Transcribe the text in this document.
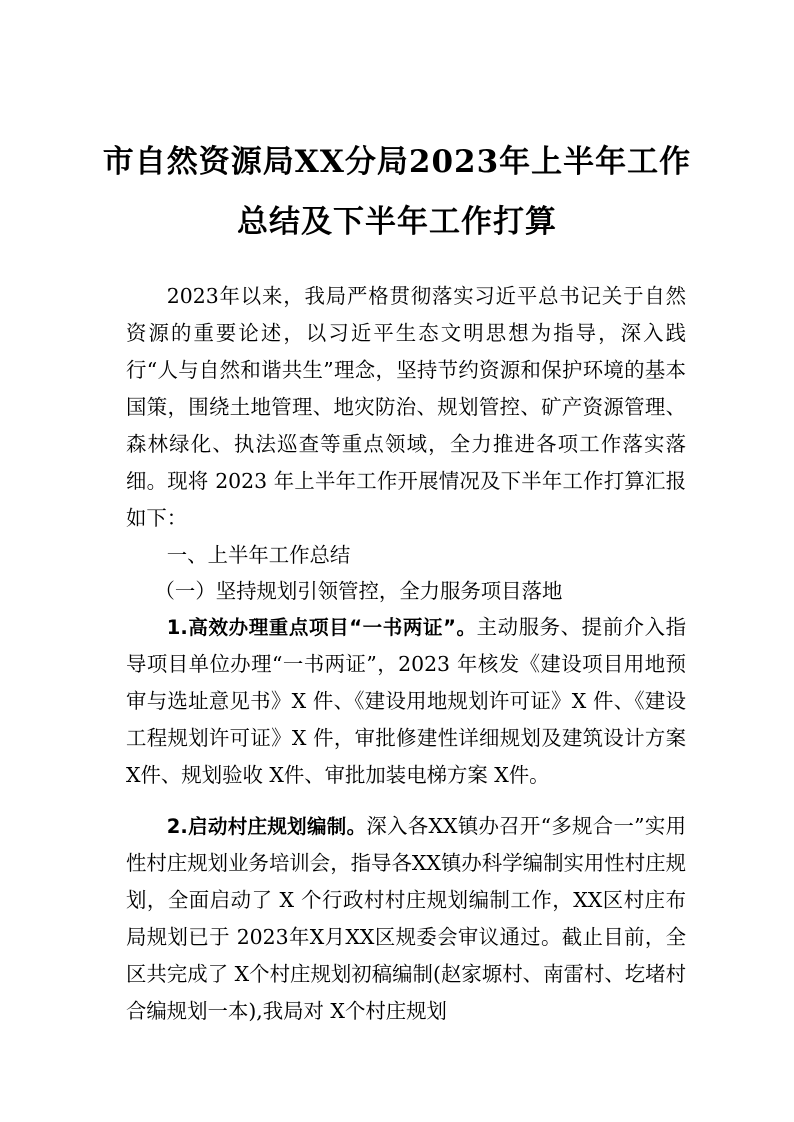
市自然资源局XX分局2023年上半年工作
总结及下半年工作打算

2023年以来，我局严格贯彻落实习近平总书记关于自然资源的重要论述，以习近平生态文明思想为指导，深入践行“人与自然和谐共生”理念，坚持节约资源和保护环境的基本国策，围绕土地管理、地灾防治、规划管控、矿产资源管理、森林绿化、执法巡查等重点领域，全力推进各项工作落实落细。现将 2023 年上半年工作开展情况及下半年工作打算汇报如下：

一、上半年工作总结

（一）坚持规划引领管控，全力服务项目落地

1.高效办理重点项目“一书两证”。主动服务、提前介入指导项目单位办理“一书两证”，2023 年核发《建设项目用地预审与选址意见书》X 件、《建设用地规划许可证》X 件、《建设工程规划许可证》X 件，审批修建性详细规划及建筑设计方案 X件、规划验收 X件、审批加装电梯方案 X件。

2.启动村庄规划编制。深入各XX镇办召开“多规合一”实用性村庄规划业务培训会，指导各XX镇办科学编制实用性村庄规划，全面启动了 X 个行政村村庄规划编制工作，XX区村庄布局规划已于 2023年X月XX区规委会审议通过。截止目前，全区共完成了 X个村庄规划初稿编制(赵家塬村、南雷村、圪堵村合编规划一本),我局对 X个村庄规划
